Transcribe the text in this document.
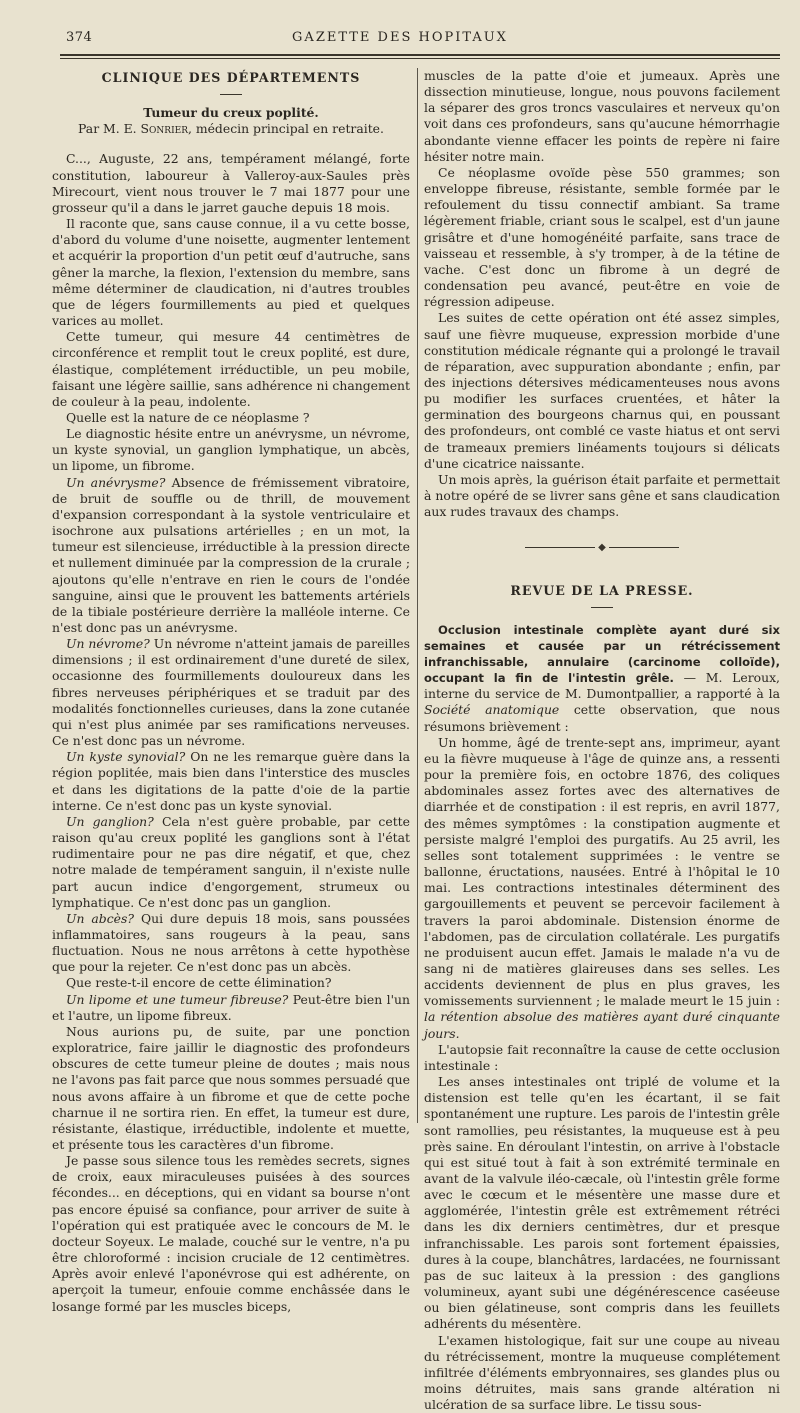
374	GAZETTE DES HOPITAUX

CLINIQUE DES DÉPARTEMENTS

Tumeur du creux poplité.

Par M. E. Sonrier, médecin principal en retraite.

C..., Auguste, 22 ans, tempérament mélangé, forte constitution, laboureur à Valleroy-aux-Saules près Mirecourt, vient nous trouver le 7 mai 1877 pour une grosseur qu'il a dans le jarret gauche depuis 18 mois.

Il raconte que, sans cause connue, il a vu cette bosse, d'abord du volume d'une noisette, augmenter lentement et acquérir la proportion d'un petit œuf d'autruche, sans gêner la marche, la flexion, l'extension du membre, sans même déterminer de claudication, ni d'autres troubles que de légers fourmillements au pied et quelques varices au mollet.

Cette tumeur, qui mesure 44 centimètres de circonférence et remplit tout le creux poplité, est dure, élastique, complétement irréductible, un peu mobile, faisant une légère saillie, sans adhérence ni changement de couleur à la peau, indolente.

Quelle est la nature de ce néoplasme ?

Le diagnostic hésite entre un anévrysme, un névrome, un kyste synovial, un ganglion lymphatique, un abcès, un lipome, un fibrome.

Un anévrysme? Absence de frémissement vibratoire, de bruit de souffle ou de thrill, de mouvement d'expansion correspondant à la systole ventriculaire et isochrone aux pulsations artérielles ; en un mot, la tumeur est silencieuse, irréductible à la pression directe et nullement diminuée par la compression de la crurale ; ajoutons qu'elle n'entrave en rien le cours de l'ondée sanguine, ainsi que le prouvent les battements artériels de la tibiale postérieure derrière la malléole interne. Ce n'est donc pas un anévrysme.

Un névrome? Un névrome n'atteint jamais de pareilles dimensions ; il est ordinairement d'une dureté de silex, occasionne des fourmillements douloureux dans les fibres nerveuses périphériques et se traduit par des modalités fonctionnelles curieuses, dans la zone cutanée qui n'est plus animée par ses ramifications nerveuses. Ce n'est donc pas un névrome.

Un kyste synovial? On ne les remarque guère dans la région poplitée, mais bien dans l'interstice des muscles et dans les digitations de la patte d'oie de la partie interne. Ce n'est donc pas un kyste synovial.

Un ganglion? Cela n'est guère probable, par cette raison qu'au creux poplité les ganglions sont à l'état rudimentaire pour ne pas dire négatif, et que, chez notre malade de tempérament sanguin, il n'existe nulle part aucun indice d'engorgement, strumeux ou lymphatique. Ce n'est donc pas un ganglion.

Un abcès? Qui dure depuis 18 mois, sans poussées inflammatoires, sans rougeurs à la peau, sans fluctuation. Nous ne nous arrêtons à cette hypothèse que pour la rejeter. Ce n'est donc pas un abcès.

Que reste-t-il encore de cette élimination?

Un lipome et une tumeur fibreuse? Peut-être bien l'un et l'autre, un lipome fibreux.

Nous aurions pu, de suite, par une ponction exploratrice, faire jaillir le diagnostic des profondeurs obscures de cette tumeur pleine de doutes ; mais nous ne l'avons pas fait parce que nous sommes persuadé que nous avons affaire à un fibrome et que de cette poche charnue il ne sortira rien. En effet, la tumeur est dure, résistante, élastique, irréductible, indolente et muette, et présente tous les caractères d'un fibrome.

Je passe sous silence tous les remèdes secrets, signes de croix, eaux miraculeuses puisées à des sources fécondes... en déceptions, qui en vidant sa bourse n'ont pas encore épuisé sa confiance, pour arriver de suite à l'opération qui est pratiquée avec le concours de M. le docteur Soyeux. Le malade, couché sur le ventre, n'a pu être chloroformé : incision cruciale de 12 centimètres. Après avoir enlevé l'aponévrose qui est adhérente, on aperçoit la tumeur, enfouie comme enchâssée dans le losange formé par les muscles biceps,

muscles de la patte d'oie et jumeaux. Après une dissection minutieuse, longue, nous pouvons facilement la séparer des gros troncs vasculaires et nerveux qu'on voit dans ces profondeurs, sans qu'aucune hémorrhagie abondante vienne effacer les points de repère ni faire hésiter notre main.

Ce néoplasme ovoïde pèse 550 grammes; son enveloppe fibreuse, résistante, semble formée par le refoulement du tissu connectif ambiant. Sa trame légèrement friable, criant sous le scalpel, est d'un jaune grisâtre et d'une homogénéité parfaite, sans trace de vaisseau et ressemble, à s'y tromper, à de la tétine de vache. C'est donc un fibrome à un degré de condensation peu avancé, peut-être en voie de régression adipeuse.

Les suites de cette opération ont été assez simples, sauf une fièvre muqueuse, expression morbide d'une constitution médicale régnante qui a prolongé le travail de réparation, avec suppuration abondante ; enfin, par des injections détersives médicamenteuses nous avons pu modifier les surfaces cruentées, et hâter la germination des bourgeons charnus qui, en poussant des profondeurs, ont comblé ce vaste hiatus et ont servi de trameaux premiers linéaments toujours si délicats d'une cicatrice naissante.

Un mois après, la guérison était parfaite et permettait à notre opéré de se livrer sans gêne et sans claudication aux rudes travaux des champs.

◆

REVUE DE LA PRESSE.

Occlusion intestinale complète ayant duré six semaines et causée par un rétrécissement infranchissable, annulaire (carcinome colloïde), occupant la fin de l'intestin grêle. — M. Leroux, interne du service de M. Dumontpallier, a rapporté à la Société anatomique cette observation, que nous résumons brièvement :

Un homme, âgé de trente-sept ans, imprimeur, ayant eu la fièvre muqueuse à l'âge de quinze ans, a ressenti pour la première fois, en octobre 1876, des coliques abdominales assez fortes avec des alternatives de diarrhée et de constipation : il est repris, en avril 1877, des mêmes symptômes : la constipation augmente et persiste malgré l'emploi des purgatifs. Au 25 avril, les selles sont totalement supprimées : le ventre se ballonne, éructations, nausées. Entré à l'hôpital le 10 mai. Les contractions intestinales déterminent des gargouillements et peuvent se percevoir facilement à travers la paroi abdominale. Distension énorme de l'abdomen, pas de circulation collatérale. Les purgatifs ne produisent aucun effet. Jamais le malade n'a vu de sang ni de matières glaireuses dans ses selles. Les accidents deviennent de plus en plus graves, les vomissements surviennent ; le malade meurt le 15 juin : la rétention absolue des matières ayant duré cinquante jours.

L'autopsie fait reconnaître la cause de cette occlusion intestinale :

Les anses intestinales ont triplé de volume et la distension est telle qu'en les écartant, il se fait spontanément une rupture. Les parois de l'intestin grêle sont ramollies, peu résistantes, la muqueuse est à peu près saine. En déroulant l'intestin, on arrive à l'obstacle qui est situé tout à fait à son extrémité terminale en avant de la valvule iléo-cæcale, où l'intestin grêle forme avec le cœcum et le mésentère une masse dure et agglomérée, l'intestin grêle est extrêmement rétréci dans les dix derniers centimètres, dur et presque infranchissable. Les parois sont fortement épaissies, dures à la coupe, blanchâtres, lardacées, ne fournissant pas de suc laiteux à la pression : des ganglions volumineux, ayant subi une dégénérescence caséeuse ou bien gélatineuse, sont compris dans les feuillets adhérents du mésentère.

L'examen histologique, fait sur une coupe au niveau du rétrécissement, montre la muqueuse complétement infiltrée d'éléments embryonnaires, ses glandes plus ou moins détruites, mais sans grande altération ni ulcération de sa surface libre. Le tissu sous-
